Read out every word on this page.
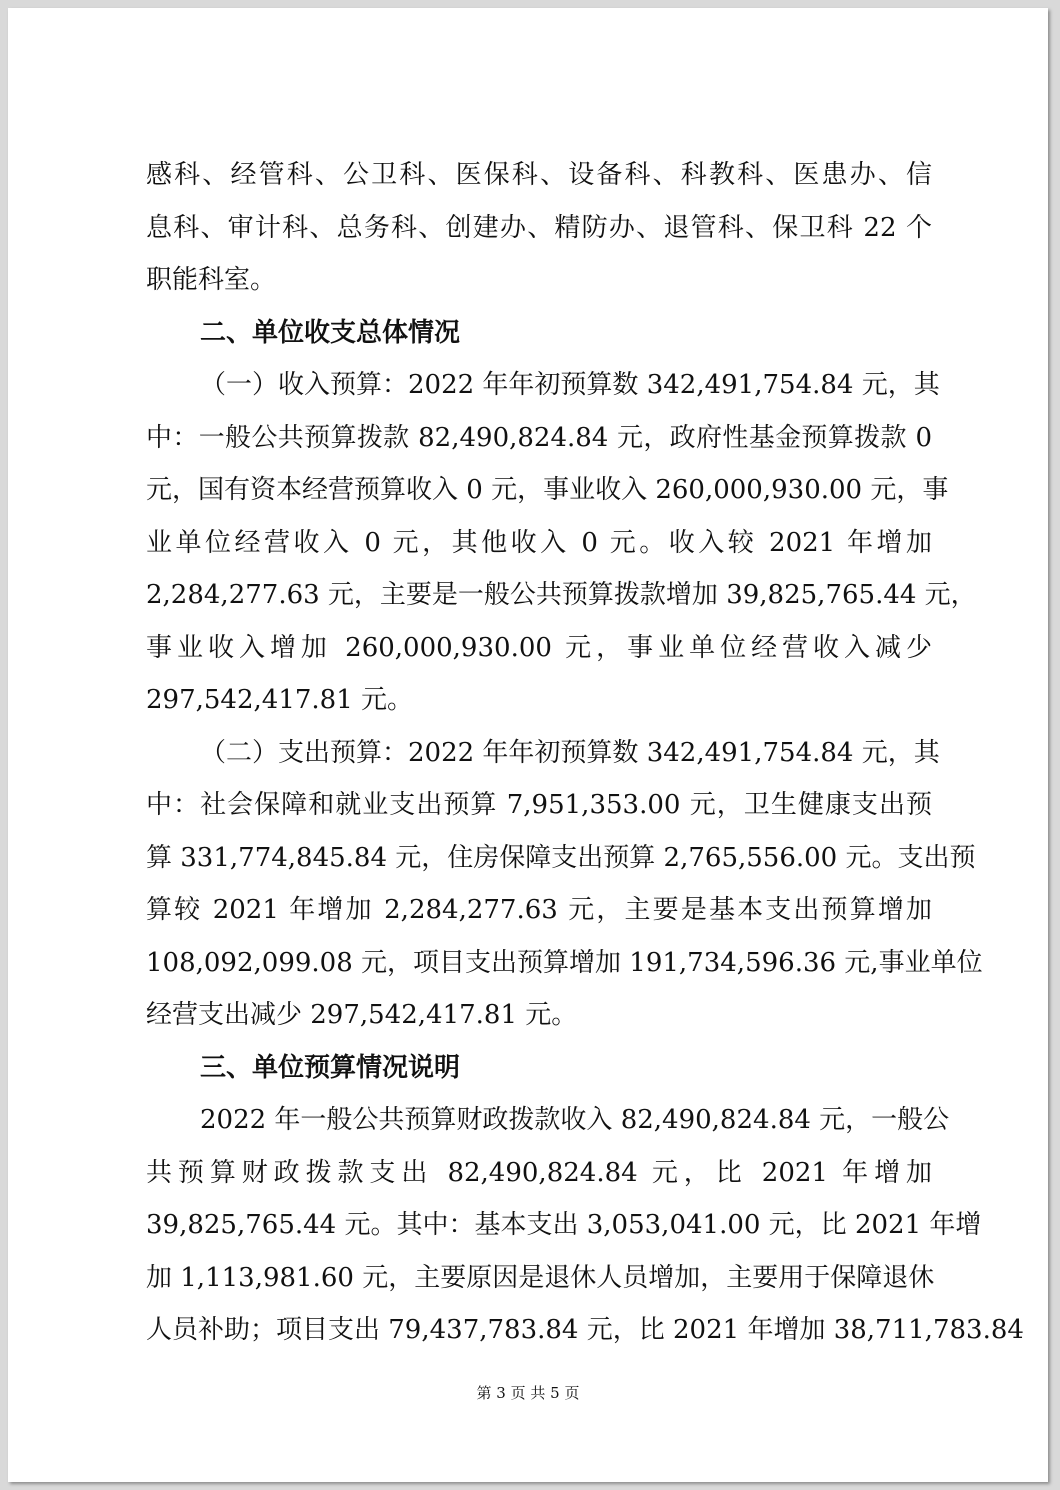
感科、经管科、公卫科、医保科、设备科、科教科、医患办、信
息科、审计科、总务科、创建办、精防办、退管科、保卫科 22 个
职能科室。
二、单位收支总体情况
（一）收入预算：2022 年年初预算数 342,491,754.84 元，其
中：一般公共预算拨款 82,490,824.84 元，政府性基金预算拨款 0
元，国有资本经营预算收入 0 元，事业收入 260,000,930.00 元，事
业单位经营收入 0 元，其他收入 0 元。收入较 2021 年增加
2,284,277.63 元，主要是一般公共预算拨款增加 39,825,765.44 元，
事业收入增加 260,000,930.00 元，事业单位经营收入减少
297,542,417.81 元。
（二）支出预算：2022 年年初预算数 342,491,754.84 元，其
中：社会保障和就业支出预算 7,951,353.00 元，卫生健康支出预
算 331,774,845.84 元，住房保障支出预算 2,765,556.00 元。支出预
算较 2021 年增加 2,284,277.63 元，主要是基本支出预算增加
108,092,099.08 元，项目支出预算增加 191,734,596.36 元,事业单位
经营支出减少 297,542,417.81 元。
三、单位预算情况说明
2022 年一般公共预算财政拨款收入 82,490,824.84 元，一般公
共预算财政拨款支出 82,490,824.84 元，比 2021 年增加
39,825,765.44 元。其中：基本支出 3,053,041.00 元，比 2021 年增
加 1,113,981.60 元，主要原因是退休人员增加，主要用于保障退休
人员补助；项目支出 79,437,783.84 元，比 2021 年增加 38,711,783.84
第 3 页 共 5 页
